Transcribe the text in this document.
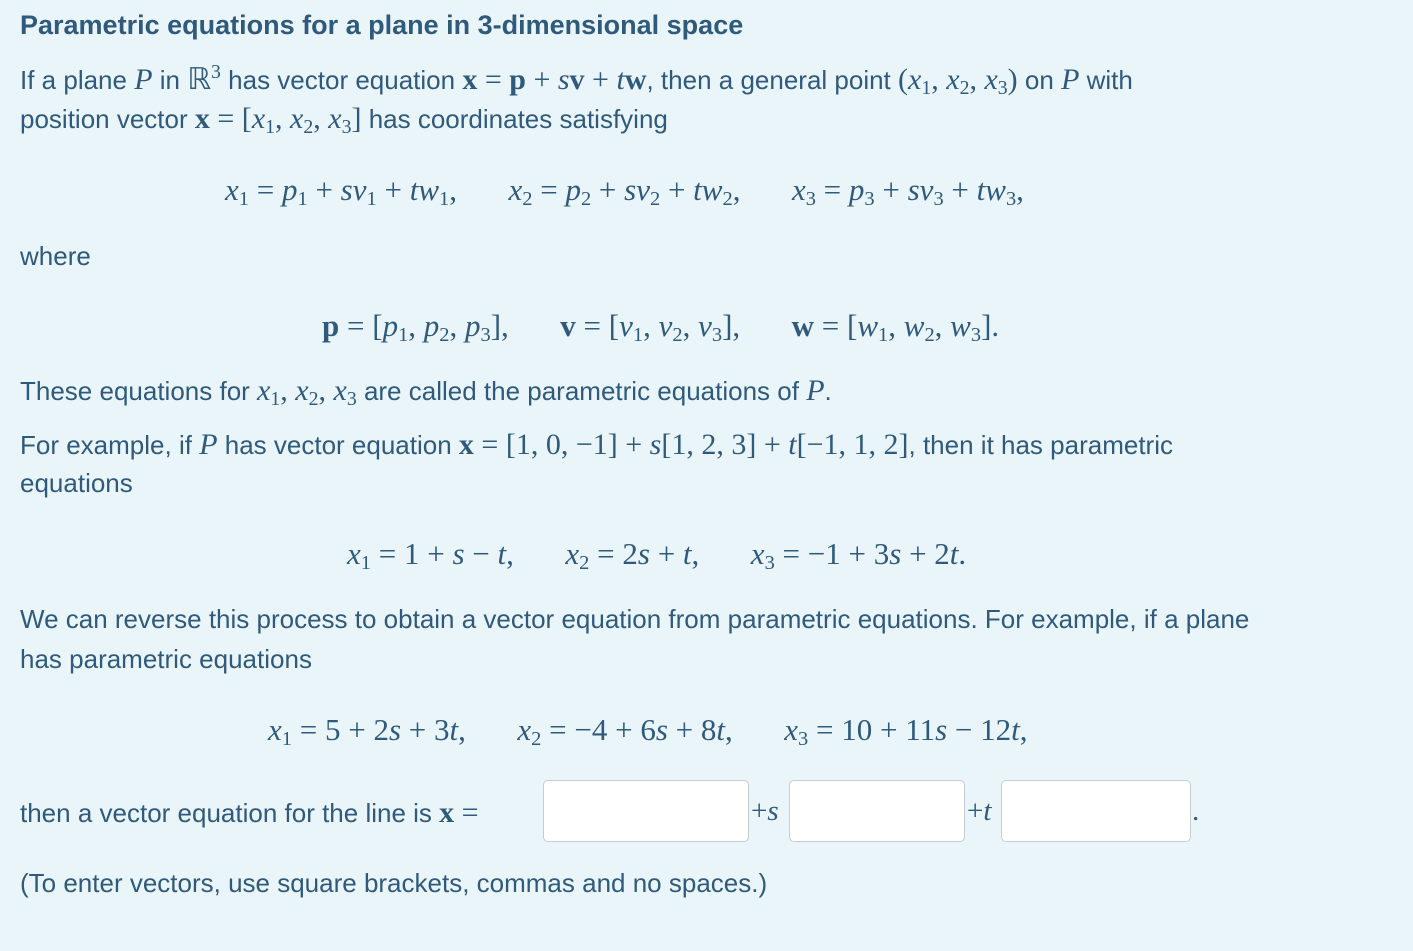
Parametric equations for a plane in 3-dimensional space
If a plane P in ℝ$^3$ has vector equation x = p + sv + tw, then a general point ($x_1$, $x_2$, $x_3$) on P with
position vector $x = [x_1$, $x_2$, $x_3$] has coordinates satisfying
$x_1 = p_1 + sv_1 + tw_1$,  $x_2 = p_2 + sv_2 + tw_2$,  $x_3 = p_3 + sv_3 + tw_3$,
where
$p = [p_1$, $p_2$, $p_3$],  $v = [v_1$, $v_2$, $v_3$],  $w = [w_1$, $w_2$, $w_3$].
These equations for $x_1$, $x_2$, $x_3$ are called the parametric equations of P.
For example, if P has vector equation x = [1, 0, −1] + s[1, 2, 3] + t[−1, 1, 2], then it has parametric
equations
$x_1 = 1 + s - t$,  $x_2 = 2s + t$,  $x_3 = -1 + 3s + 2t$.
We can reverse this process to obtain a vector equation from parametric equations. For example, if a plane
has parametric equations
$x_1 = 5 + 2s + 3t$,  $x_2 = -4 + 6s + 8t$,  $x_3 = 10 + 11s - 12t$,
then a vector equation for the line is x =	+s	+t	.
(To enter vectors, use square brackets, commas and no spaces.)
